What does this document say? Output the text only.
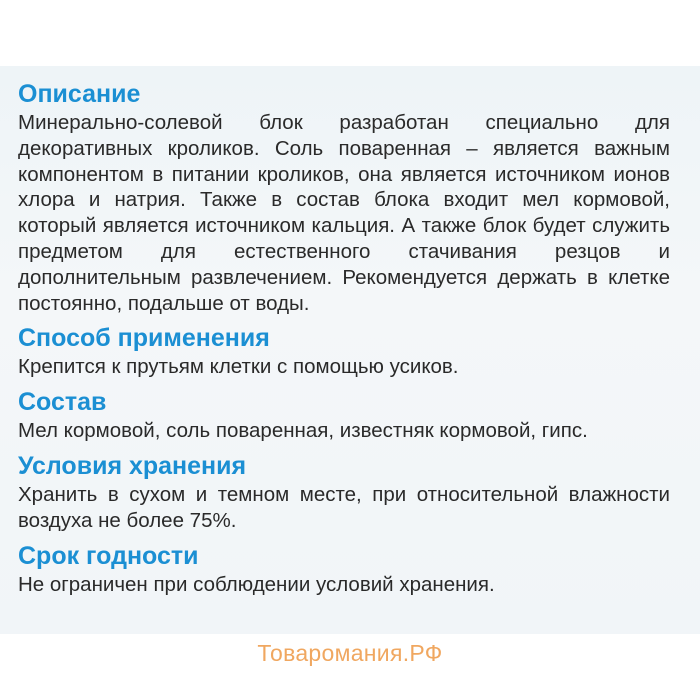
Описание

Минерально-солевой блок разработан специально для декоративных кроликов. Соль поваренная – является важным компонентом в питании кроликов, она является источником ионов хлора и натрия. Также в состав блока входит мел кормовой, который является источником кальция. А также блок будет служить предметом для естественного стачивания резцов и дополнительным развлечением. Рекомендуется держать в клетке постоянно, подальше от воды.

Способ применения

Крепится к прутьям клетки с помощью усиков.

Состав

Мел кормовой, соль поваренная, известняк кормовой, гипс.

Условия хранения

Хранить в сухом и темном месте, при относительной влажности воздуха не более 75%.

Срок годности

Не ограничен при соблюдении условий хранения.

Товаромания.РФ
